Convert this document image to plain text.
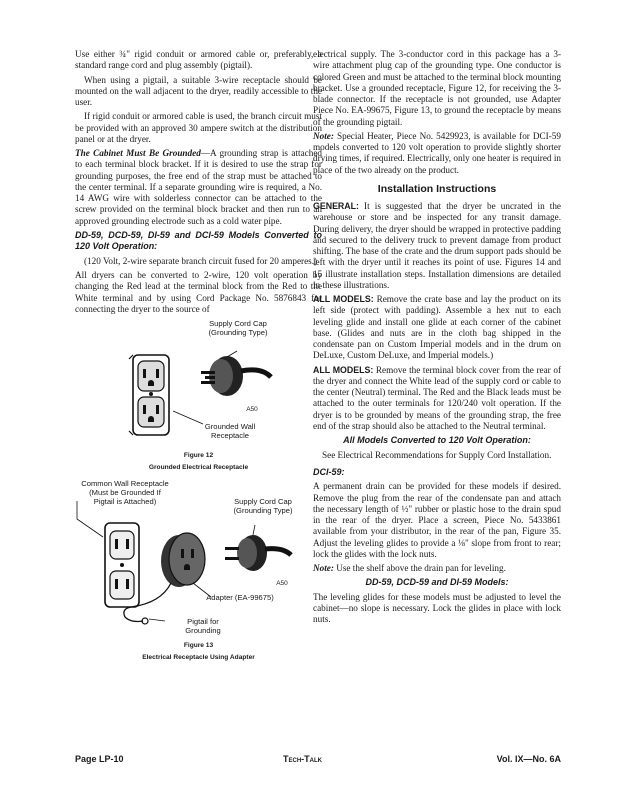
Use either ¾" rigid conduit or armored cable or, preferably, a standard range cord and plug assembly (pigtail).

When using a pigtail, a suitable 3-wire receptacle should be mounted on the wall adjacent to the dryer, readily accessible to the user.

If rigid conduit or armored cable is used, the branch circuit must be provided with an approved 30 ampere switch at the distribution panel or at the dryer.

The Cabinet Must Be Grounded—A grounding strap is attached to each terminal block bracket. If it is desired to use the strap for grounding purposes, the free end of the strap must be attached to the center terminal. If a separate grounding wire is required, a No. 14 AWG wire with solderless connector can be attached to the screw provided on the terminal block bracket and then run to an approved grounding electrode such as a cold water pipe.

DD-59, DCD-59, DI-59 and DCI-59 Models Converted to 120 Volt Operation:

(120 Volt, 2-wire separate branch circuit fused for 20 amperes.)

All dryers can be converted to 2-wire, 120 volt operation by changing the Red lead at the terminal block from the Red to the White terminal and by using Cord Package No. 5876843 for connecting the dryer to the source of

Supply Cord Cap (Grounding Type)
A50
Grounded Wall Receptacle
Figure 12
Grounded Electrical Receptacle
Common Wall Receptacle (Must be Grounded If Pigtail is Attached)	Supply Cord Cap (Grounding Type)
A50
Adapter (EA-99675)
Pigtail for Grounding
Figure 13
Electrical Receptacle Using Adapter

electrical supply. The 3-conductor cord in this package has a 3-wire attachment plug cap of the grounding type. One conductor is colored Green and must be attached to the terminal block mounting bracket. Use a grounded receptacle, Figure 12, for receiving the 3-blade connector. If the receptacle is not grounded, use Adapter Piece No. EA-99675, Figure 13, to ground the receptacle by means of the grounding pigtail.

Note: Special Heater, Piece No. 5429923, is available for DCI-59 models converted to 120 volt operation to provide slightly shorter drying times, if required. Electrically, only one heater is required in place of the two already on the product.

Installation Instructions

GENERAL: It is suggested that the dryer be uncrated in the warehouse or store and be inspected for any transit damage. During delivery, the dryer should be wrapped in protective padding and secured to the delivery truck to prevent damage from product shifting. The base of the crate and the drum support pads should be left with the dryer until it reaches its point of use. Figures 14 and 15 illustrate installation steps. Installation dimensions are detailed in these illustrations.

ALL MODELS: Remove the crate base and lay the product on its left side (protect with padding). Assemble a hex nut to each leveling glide and install one glide at each corner of the cabinet base. (Glides and nuts are in the cloth bag shipped in the condensate pan on Custom Imperial models and in the drum on DeLuxe, Custom DeLuxe, and Imperial models.)

ALL MODELS: Remove the terminal block cover from the rear of the dryer and connect the White lead of the supply cord or cable to the center (Neutral) terminal. The Red and the Black leads must be attached to the outer terminals for 120/240 volt operation. If the dryer is to be grounded by means of the grounding strap, the free end of the strap should also be attached to the Neutral terminal.

All Models Converted to 120 Volt Operation:

See Electrical Recommendations for Supply Cord Installation.

DCI-59:

A permanent drain can be provided for these models if desired. Remove the plug from the rear of the condensate pan and attach the necessary length of ½" rubber or plastic hose to the drain spud in the rear of the dryer. Place a screen, Piece No. 5433861 available from your distributor, in the rear of the pan, Figure 35. Adjust the leveling glides to provide a ⅛" slope from front to rear; lock the glides with the lock nuts.

Note: Use the shelf above the drain pan for leveling.

DD-59, DCD-59 and DI-59 Models:

The leveling glides for these models must be adjusted to level the cabinet—no slope is necessary. Lock the glides in place with lock nuts.

Page LP-10	Tech-Talk	Vol. IX—No. 6A
